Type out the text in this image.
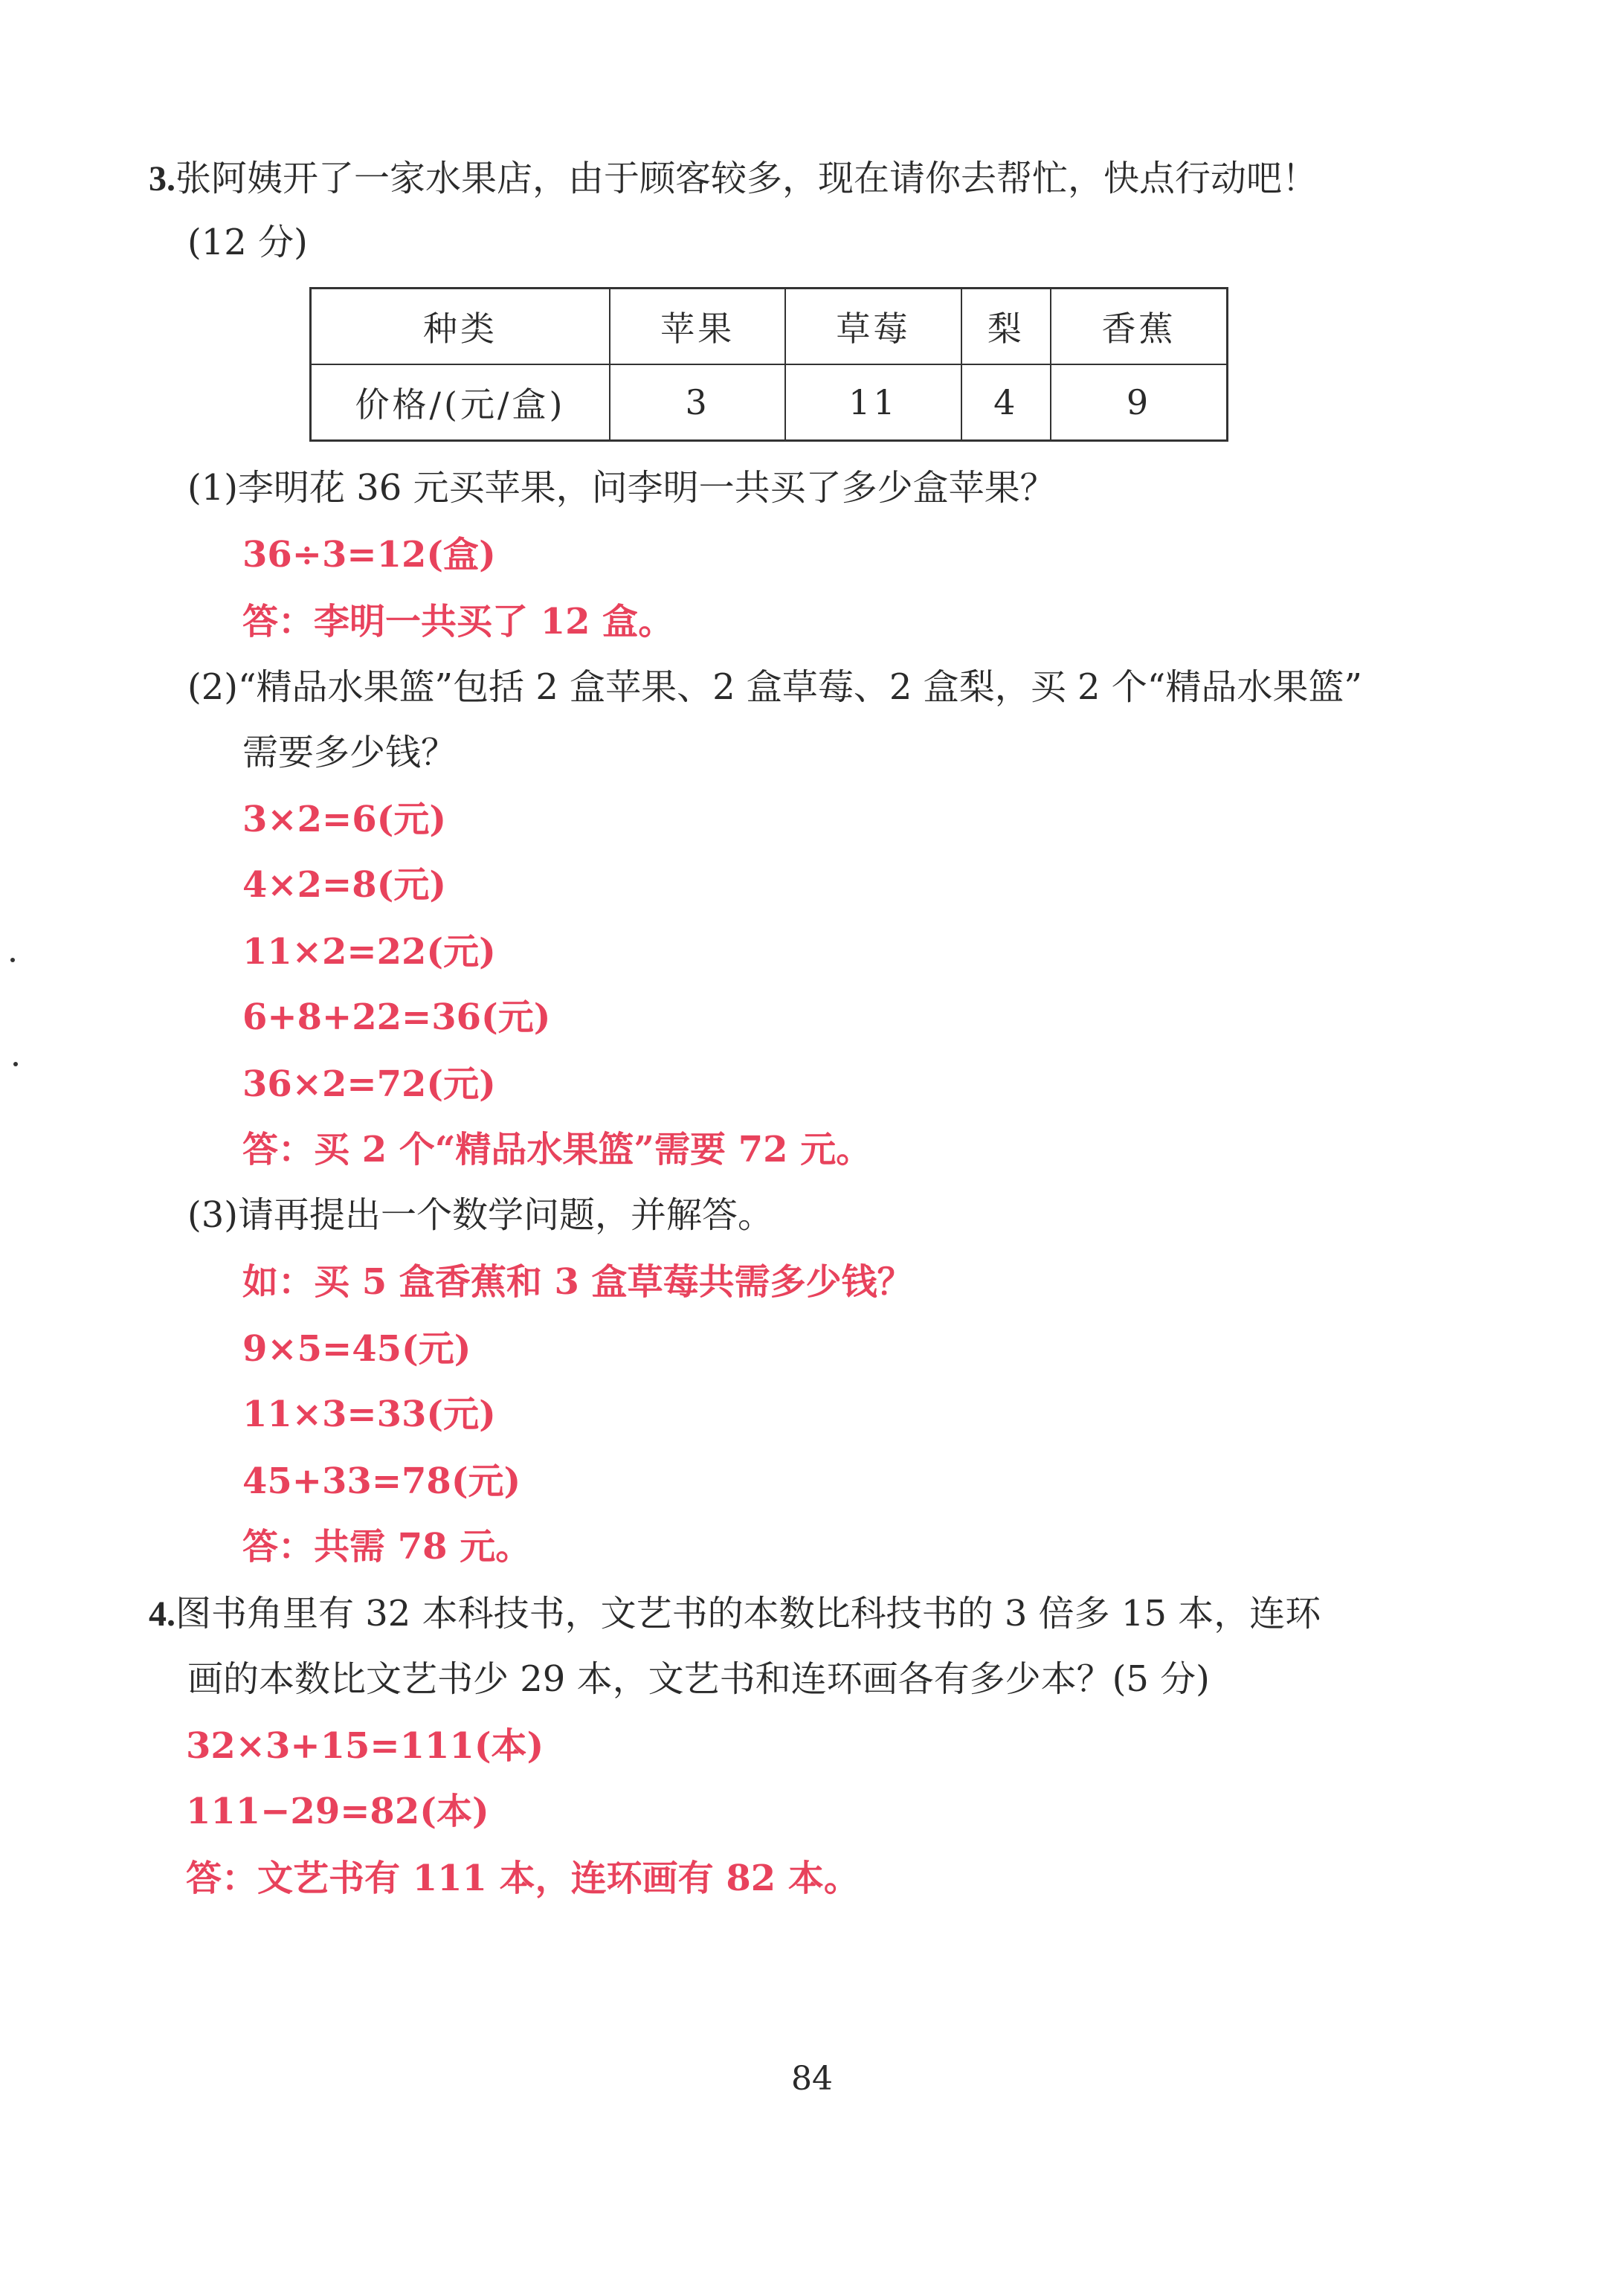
3.张阿姨开了一家水果店，由于顾客较多，现在请你去帮忙，快点行动吧！
(12 分)
种类	苹果	草莓	梨	香蕉
价格/(元/盒)	3	11	4	9
(1)李明花 36 元买苹果，问李明一共买了多少盒苹果？
36÷3=12(盒)
答：李明一共买了 12 盒。
(2)“精品水果篮”包括 2 盒苹果、2 盒草莓、2 盒梨，买 2 个“精品水果篮”
需要多少钱？
3×2=6(元)
4×2=8(元)
11×2=22(元)
6+8+22=36(元)
36×2=72(元)
答：买 2 个“精品水果篮”需要 72 元。
(3)请再提出一个数学问题，并解答。
如：买 5 盒香蕉和 3 盒草莓共需多少钱？
9×5=45(元)
11×3=33(元)
45+33=78(元)
答：共需 78 元。
4.图书角里有 32 本科技书，文艺书的本数比科技书的 3 倍多 15 本，连环
画的本数比文艺书少 29 本，文艺书和连环画各有多少本？(5 分)
32×3+15=111(本)
111−29=82(本)
答：文艺书有 111 本，连环画有 82 本。
84
